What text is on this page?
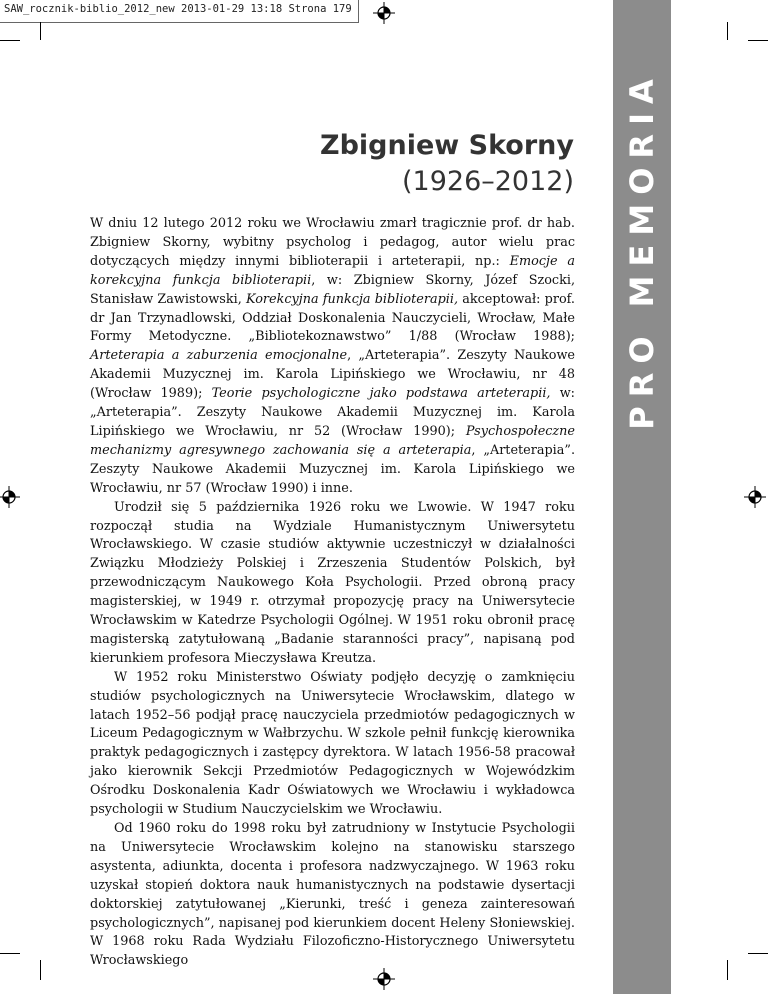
SAW_rocznik-biblio_2012_new 2013-01-29 13:18 Strona 179
PRO MEMORIA
Zbigniew Skorny
(1926–2012)

W dniu 12 lutego 2012 roku we Wrocławiu zmarł tragicznie prof. dr hab. Zbigniew Skorny, wybitny psycholog i pedagog, autor wielu prac dotyczących między innymi biblioterapii i arteterapii, np.: Emocje a korekcyjna funkcja biblioterapii, w: Zbigniew Skorny, Józef Szocki, Stanisław Zawistowski, Korekcyjna funkcja biblioterapii, akceptował: prof. dr Jan Trzynadlowski, Oddział Doskonalenia Nauczycieli, Wrocław, Małe Formy Metodyczne. „Bibliotekoznawstwo” 1/88 (Wrocław 1988); Arteterapia a zaburzenia emocjonalne, „Arteterapia”. Zeszyty Naukowe Akademii Muzycznej im. Karola Lipińskiego we Wrocławiu, nr 48 (Wrocław 1989); Teorie psychologiczne jako podstawa arteterapii, w: „Arteterapia”. Zeszyty Naukowe Akademii Muzycznej im. Karola Lipińskiego we Wrocławiu, nr 52 (Wrocław 1990); Psychospołeczne mechanizmy agresywnego zachowania się a arteterapia, „Arteterapia”. Zeszyty Naukowe Akademii Muzycznej im. Karola Lipińskiego we Wrocławiu, nr 57 (Wrocław 1990) i inne.

Urodził się 5 października 1926 roku we Lwowie. W 1947 roku rozpoczął studia na Wydziale Humanistycznym Uniwersytetu Wrocławskiego. W czasie studiów aktywnie uczestniczył w działalności Związku Młodzieży Polskiej i Zrzeszenia Studentów Polskich, był przewodniczącym Naukowego Koła Psychologii. Przed obroną pracy magisterskiej, w 1949 r. otrzymał propozycję pracy na Uniwersytecie Wrocławskim w Katedrze Psychologii Ogólnej. W 1951 roku obronił pracę magisterską zatytułowaną „Badanie staranności pracy”, napisaną pod kierunkiem profesora Mieczysława Kreutza.

W 1952 roku Ministerstwo Oświaty podjęło decyzję o zamknięciu studiów psychologicznych na Uniwersytecie Wrocławskim, dlatego w latach 1952–56 podjął pracę nauczyciela przedmiotów pedagogicznych w Liceum Pedagogicznym w Wałbrzychu. W szkole pełnił funkcję kierownika praktyk pedagogicznych i zastępcy dyrektora. W latach 1956-58 pracował jako kierownik Sekcji Przedmiotów Pedagogicznych w Wojewódzkim Ośrodku Doskonalenia Kadr Oświatowych we Wrocławiu i wykładowca psychologii w Studium Nauczycielskim we Wrocławiu.

Od 1960 roku do 1998 roku był zatrudniony w Instytucie Psychologii na Uniwersytecie Wrocławskim kolejno na stanowisku starszego asystenta, adiunkta, docenta i profesora nadzwyczajnego. W 1963 roku uzyskał stopień doktora nauk humanistycznych na podstawie dysertacji doktorskiej zatytułowanej „Kierunki, treść i geneza zainteresowań psychologicznych”, napisanej pod kierunkiem docent Heleny Słoniewskiej. W 1968 roku Rada Wydziału Filozoficzno-Historycznego Uniwersytetu Wrocławskiego
